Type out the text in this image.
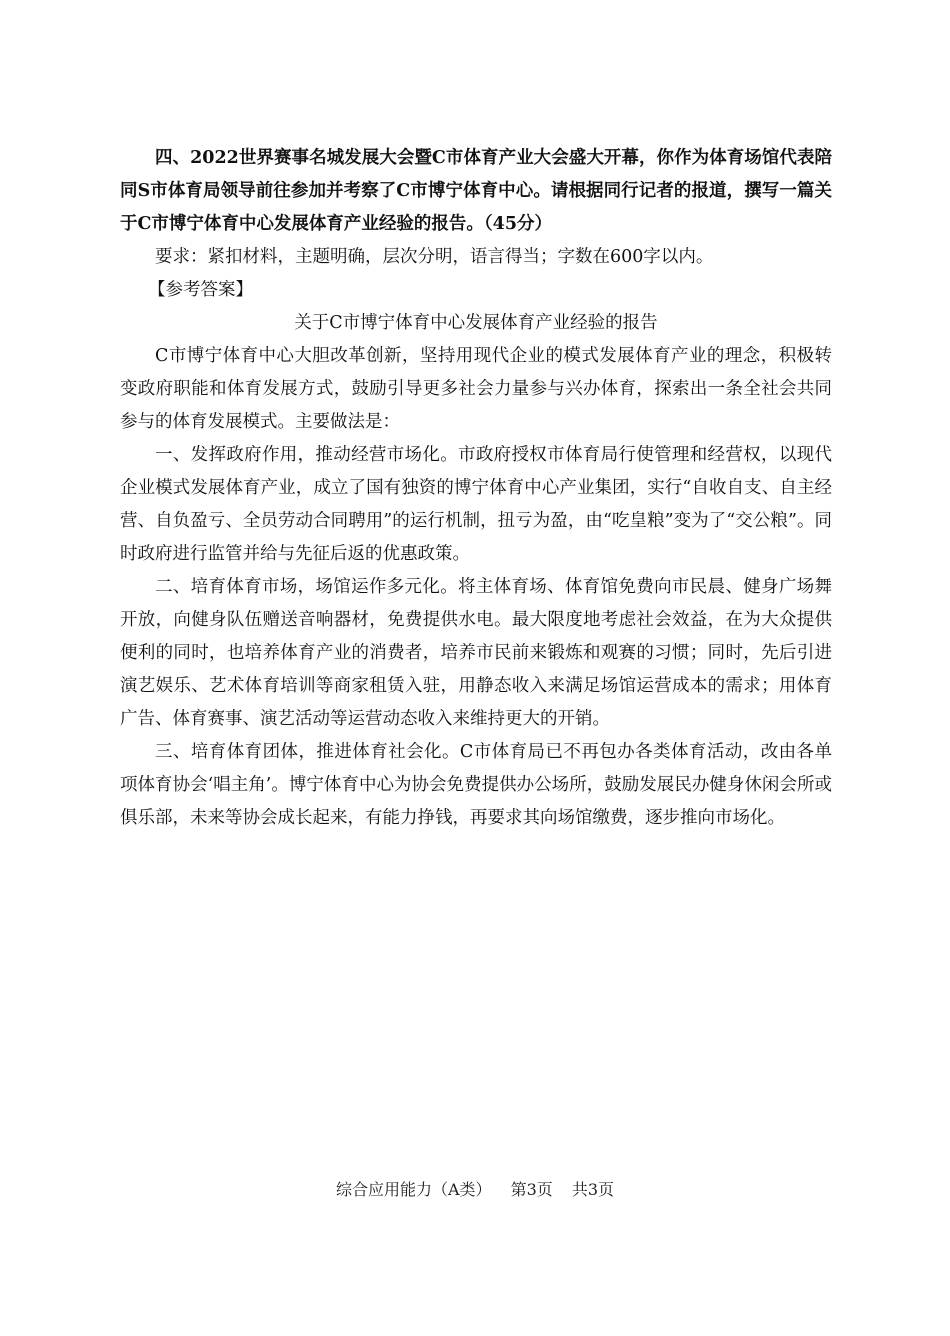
四、2022世界赛事名城发展大会暨C市体育产业大会盛大开幕，你作为体育场馆代表陪同S市体育局领导前往参加并考察了C市博宁体育中心。请根据同行记者的报道，撰写一篇关于C市博宁体育中心发展体育产业经验的报告。（45分）

要求：紧扣材料，主题明确，层次分明，语言得当；字数在600字以内。

【参考答案】

关于C市博宁体育中心发展体育产业经验的报告

C市博宁体育中心大胆改革创新，坚持用现代企业的模式发展体育产业的理念，积极转变政府职能和体育发展方式，鼓励引导更多社会力量参与兴办体育，探索出一条全社会共同参与的体育发展模式。主要做法是：

一、发挥政府作用，推动经营市场化。市政府授权市体育局行使管理和经营权，以现代企业模式发展体育产业，成立了国有独资的博宁体育中心产业集团，实行“自收自支、自主经营、自负盈亏、全员劳动合同聘用”的运行机制，扭亏为盈，由“吃皇粮”变为了“交公粮”。同时政府进行监管并给与先征后返的优惠政策。

二、培育体育市场，场馆运作多元化。将主体育场、体育馆免费向市民晨、健身广场舞开放，向健身队伍赠送音响器材，免费提供水电。最大限度地考虑社会效益，在为大众提供便利的同时，也培养体育产业的消费者，培养市民前来锻炼和观赛的习惯；同时，先后引进演艺娱乐、艺术体育培训等商家租赁入驻，用静态收入来满足场馆运营成本的需求；用体育广告、体育赛事、演艺活动等运营动态收入来维持更大的开销。

三、培育体育团体，推进体育社会化。C市体育局已不再包办各类体育活动，改由各单项体育协会‘唱主角’。博宁体育中心为协会免费提供办公场所，鼓励发展民办健身休闲会所或俱乐部，未来等协会成长起来，有能力挣钱，再要求其向场馆缴费，逐步推向市场化。

综合应用能力（A类） 第3页 共3页
